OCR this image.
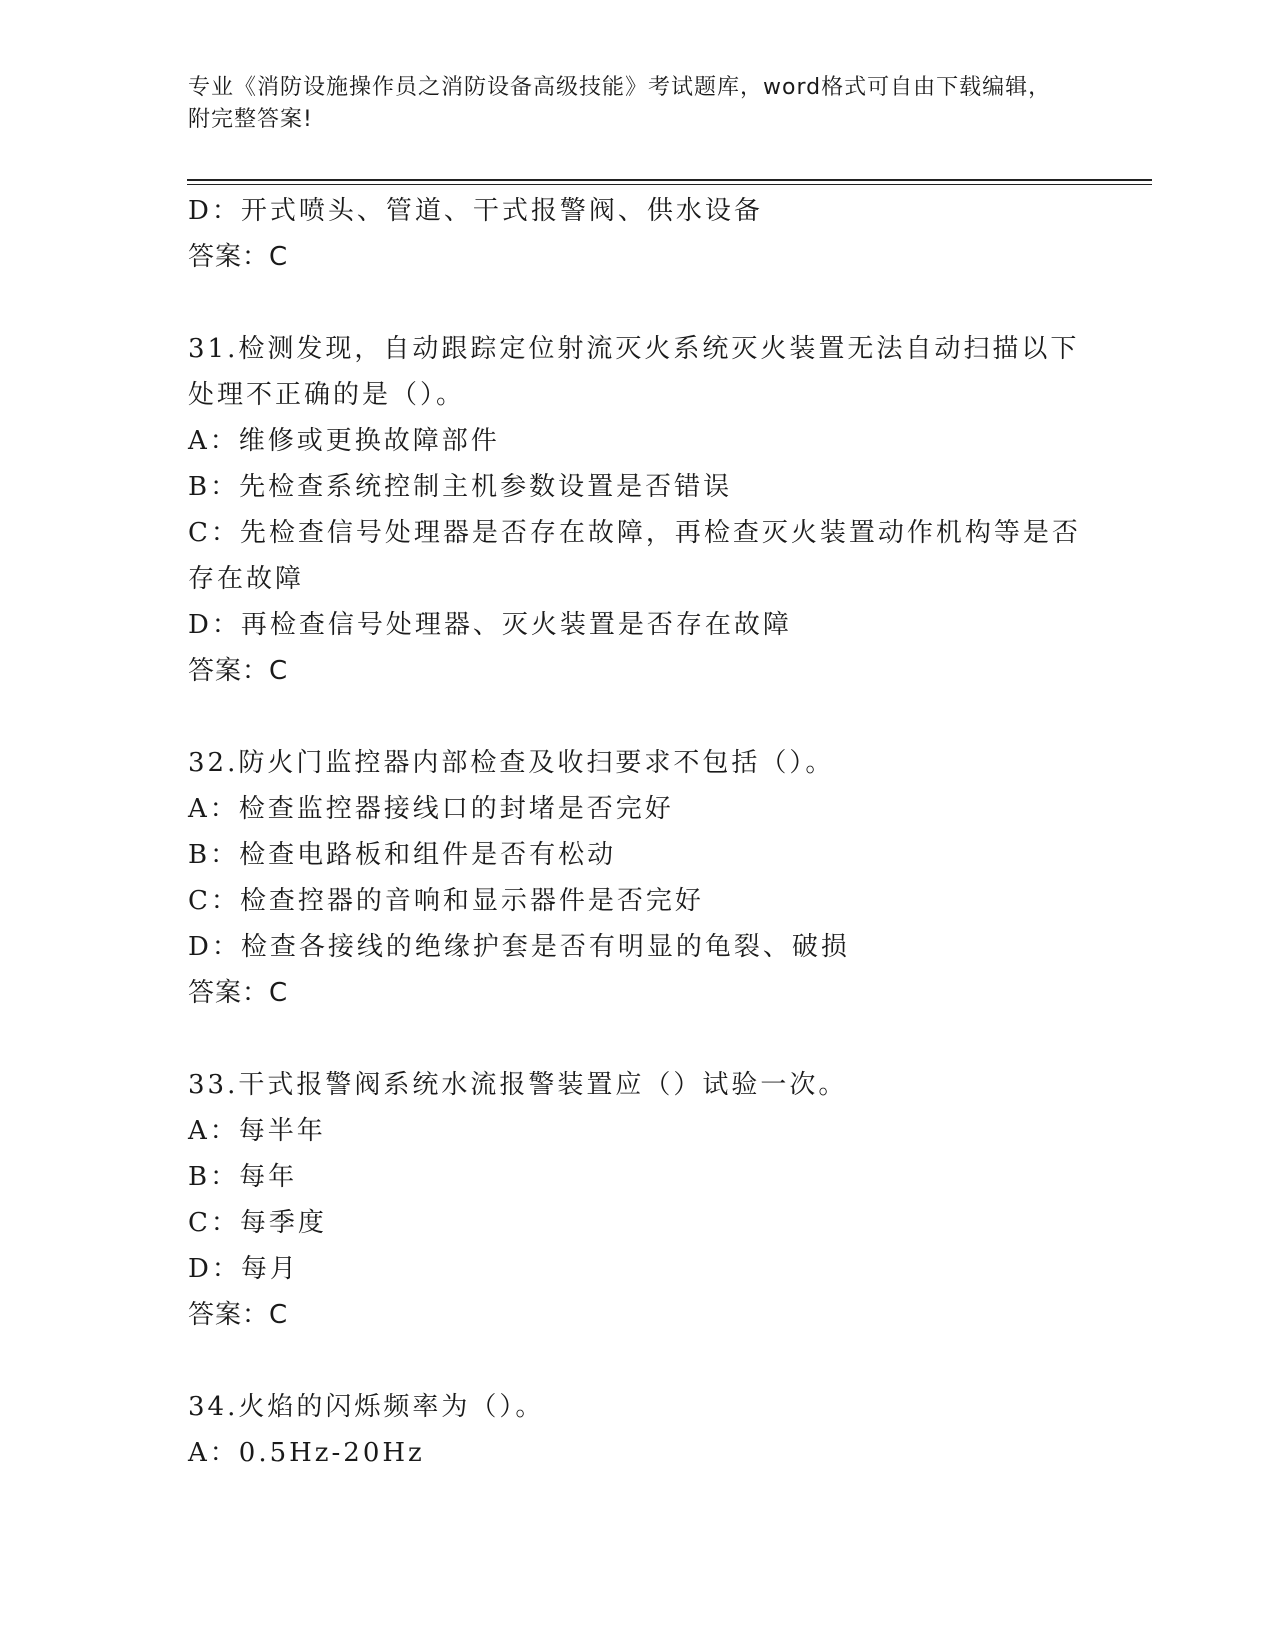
专业《消防设施操作员之消防设备高级技能》考试题库，word格式可自由下载编辑，附完整答案!
D：开式喷头、管道、干式报警阀、供水设备
答案：C
31.检测发现，自动跟踪定位射流灭火系统灭火装置无法自动扫描以下处理不正确的是（）。
A：维修或更换故障部件
B：先检查系统控制主机参数设置是否错误
C：先检查信号处理器是否存在故障，再检查灭火装置动作机构等是否存在故障
D：再检查信号处理器、灭火装置是否存在故障
答案：C
32.防火门监控器内部检查及收扫要求不包括（）。
A：检查监控器接线口的封堵是否完好
B：检查电路板和组件是否有松动
C：检查控器的音响和显示器件是否完好
D：检查各接线的绝缘护套是否有明显的龟裂、破损
答案：C
33.干式报警阀系统水流报警装置应（）试验一次。
A：每半年
B：每年
C：每季度
D：每月
答案：C
34.火焰的闪烁频率为（）。
A：0.5Hz-20Hz
